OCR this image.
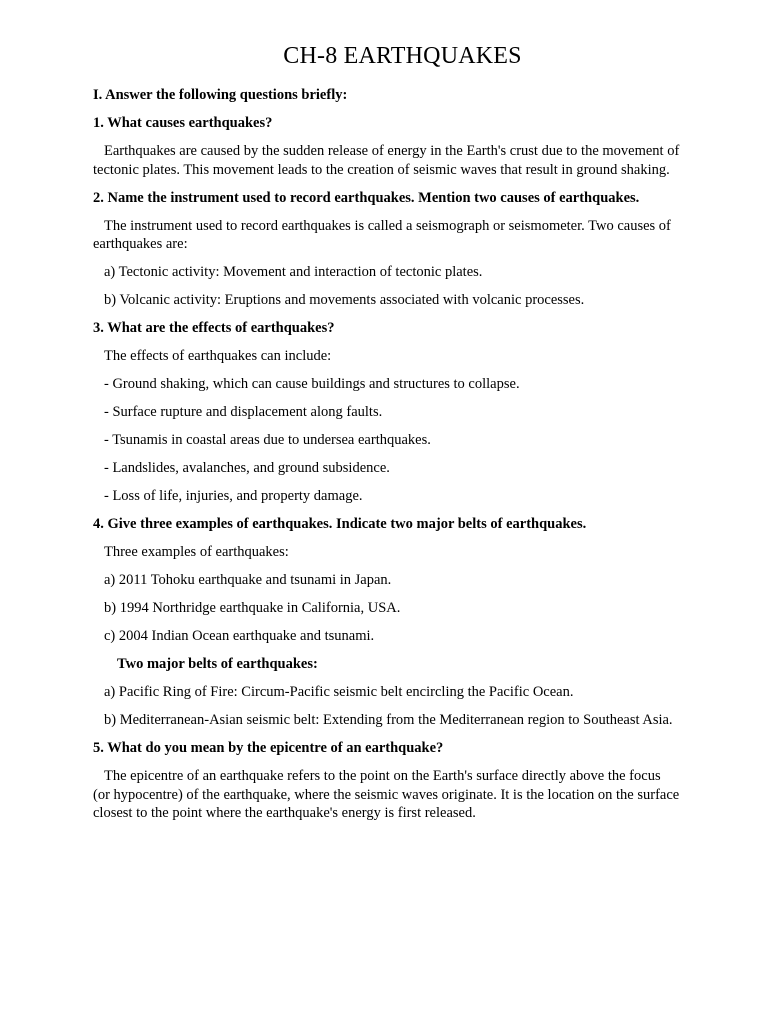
CH-8 EARTHQUAKES

I. Answer the following questions briefly:

1. What causes earthquakes?

Earthquakes are caused by the sudden release of energy in the Earth's crust due to the movement of tectonic plates. This movement leads to the creation of seismic waves that result in ground shaking.

2. Name the instrument used to record earthquakes. Mention two causes of earthquakes.

The instrument used to record earthquakes is called a seismograph or seismometer. Two causes of earthquakes are:

a) Tectonic activity: Movement and interaction of tectonic plates.

b) Volcanic activity: Eruptions and movements associated with volcanic processes.

3. What are the effects of earthquakes?

The effects of earthquakes can include:

- Ground shaking, which can cause buildings and structures to collapse.

- Surface rupture and displacement along faults.

- Tsunamis in coastal areas due to undersea earthquakes.

- Landslides, avalanches, and ground subsidence.

- Loss of life, injuries, and property damage.

4. Give three examples of earthquakes. Indicate two major belts of earthquakes.

Three examples of earthquakes:

a) 2011 Tohoku earthquake and tsunami in Japan.

b) 1994 Northridge earthquake in California, USA.

c) 2004 Indian Ocean earthquake and tsunami.

Two major belts of earthquakes:

a) Pacific Ring of Fire: Circum-Pacific seismic belt encircling the Pacific Ocean.

b) Mediterranean-Asian seismic belt: Extending from the Mediterranean region to Southeast Asia.

5. What do you mean by the epicentre of an earthquake?

The epicentre of an earthquake refers to the point on the Earth's surface directly above the focus (or hypocentre) of the earthquake, where the seismic waves originate. It is the location on the surface closest to the point where the earthquake's energy is first released.
